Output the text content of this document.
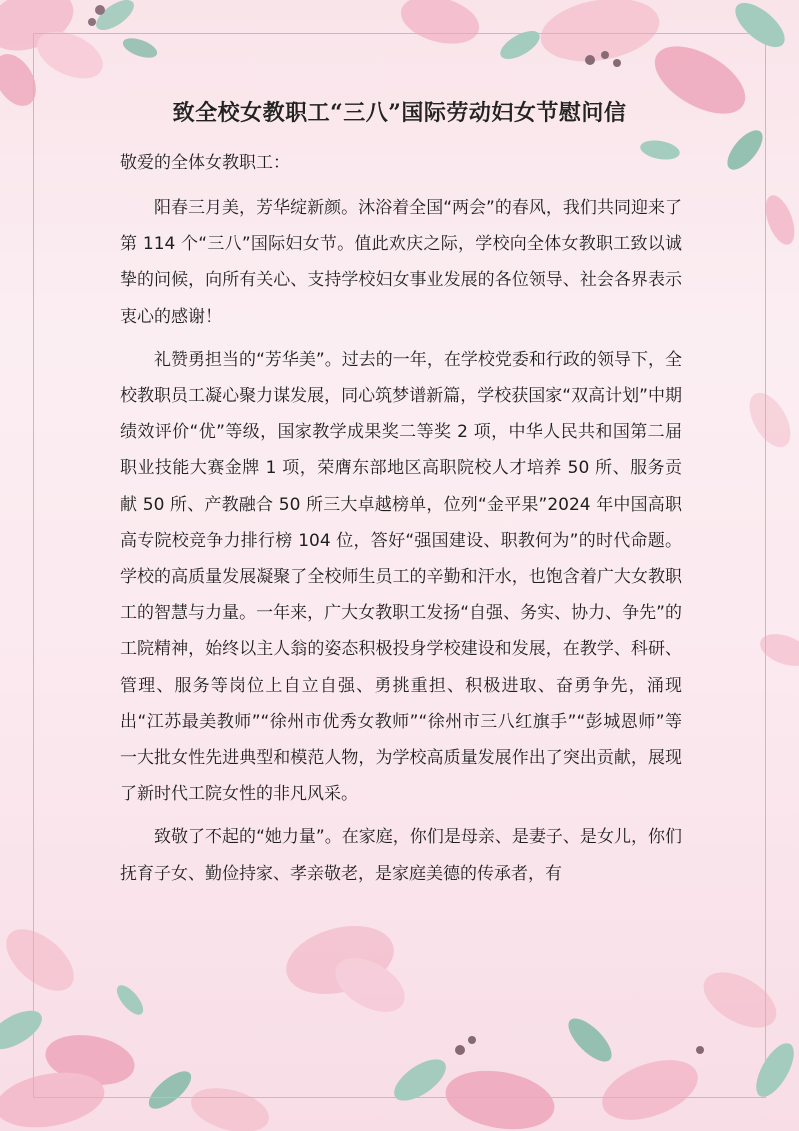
致全校女教职工“三八”国际劳动妇女节慰问信
敬爱的全体女教职工：

阳春三月美，芳华绽新颜。沐浴着全国“两会”的春风，我们共同迎来了第 114 个“三八”国际妇女节。值此欢庆之际，学校向全体女教职工致以诚挚的问候，向所有关心、支持学校妇女事业发展的各位领导、社会各界表示衷心的感谢！

礼赞勇担当的“芳华美”。过去的一年，在学校党委和行政的领导下，全校教职员工凝心聚力谋发展，同心筑梦谱新篇，学校获国家“双高计划”中期绩效评价“优”等级，国家教学成果奖二等奖 2 项，中华人民共和国第二届职业技能大赛金牌 1 项，荣膺东部地区高职院校人才培养 50 所、服务贡献 50 所、产教融合 50 所三大卓越榜单，位列“金平果”2024 年中国高职高专院校竞争力排行榜 104 位，答好“强国建设、职教何为”的时代命题。学校的高质量发展凝聚了全校师生员工的辛勤和汗水，也饱含着广大女教职工的智慧与力量。一年来，广大女教职工发扬“自强、务实、协力、争先”的工院精神，始终以主人翁的姿态积极投身学校建设和发展，在教学、科研、管理、服务等岗位上自立自强、勇挑重担、积极进取、奋勇争先，涌现出“江苏最美教师”“徐州市优秀女教师”“徐州市三八红旗手”“彭城恩师”等一大批女性先进典型和模范人物，为学校高质量发展作出了突出贡献，展现了新时代工院女性的非凡风采。

致敬了不起的“她力量”。在家庭，你们是母亲、是妻子、是女儿，你们抚育子女、勤俭持家、孝亲敬老，是家庭美德的传承者，有
